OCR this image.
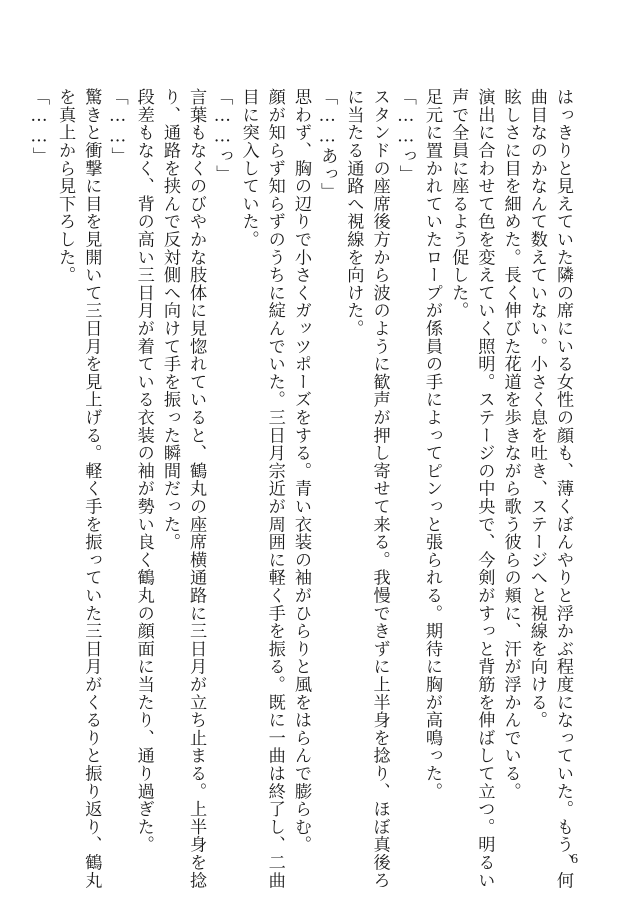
はっきりと見えていた隣の席にいる女性の顔も、薄くぼんやりと浮かぶ程度になっていた。もう、何
曲目なのかなんて数えていない。小さく息を吐き、ステージへと視線を向ける。
眩しさに目を細めた。長く伸びた花道を歩きながら歌う彼らの頬に、汗が浮かんでいる。
演出に合わせて色を変えていく照明。ステージの中央で、今剣がすっと背筋を伸ばして立つ。明るい
声で全員に座るよう促した。
足元に置かれていたロープが係員の手によってピンっと張られる。期待に胸が高鳴った。
「……っ」
スタンドの座席後方から波のように歓声が押し寄せて来る。我慢できずに上半身を捻り、ほぼ真後ろ
に当たる通路へ視線を向けた。
「……あっ」
思わず、胸の辺りで小さくガッツポーズをする。青い衣装の袖がひらりと風をはらんで膨らむ。
顔が知らず知らずのうちに綻んでいた。三日月宗近が周囲に軽く手を振る。既に一曲は終了し、二曲
目に突入していた。
「……っ」
言葉もなくのびやかな肢体に見惚れていると、鶴丸の座席横通路に三日月が立ち止まる。上半身を捻
り、通路を挟んで反対側へ向けて手を振った瞬間だった。
段差もなく、背の高い三日月が着ている衣装の袖が勢い良く鶴丸の顔面に当たり、通り過ぎた。
「……」
驚きと衝撃に目を見開いて三日月を見上げる。軽く手を振っていた三日月がくるりと振り返り、鶴丸
を真上から見下ろした。
「……」
6
